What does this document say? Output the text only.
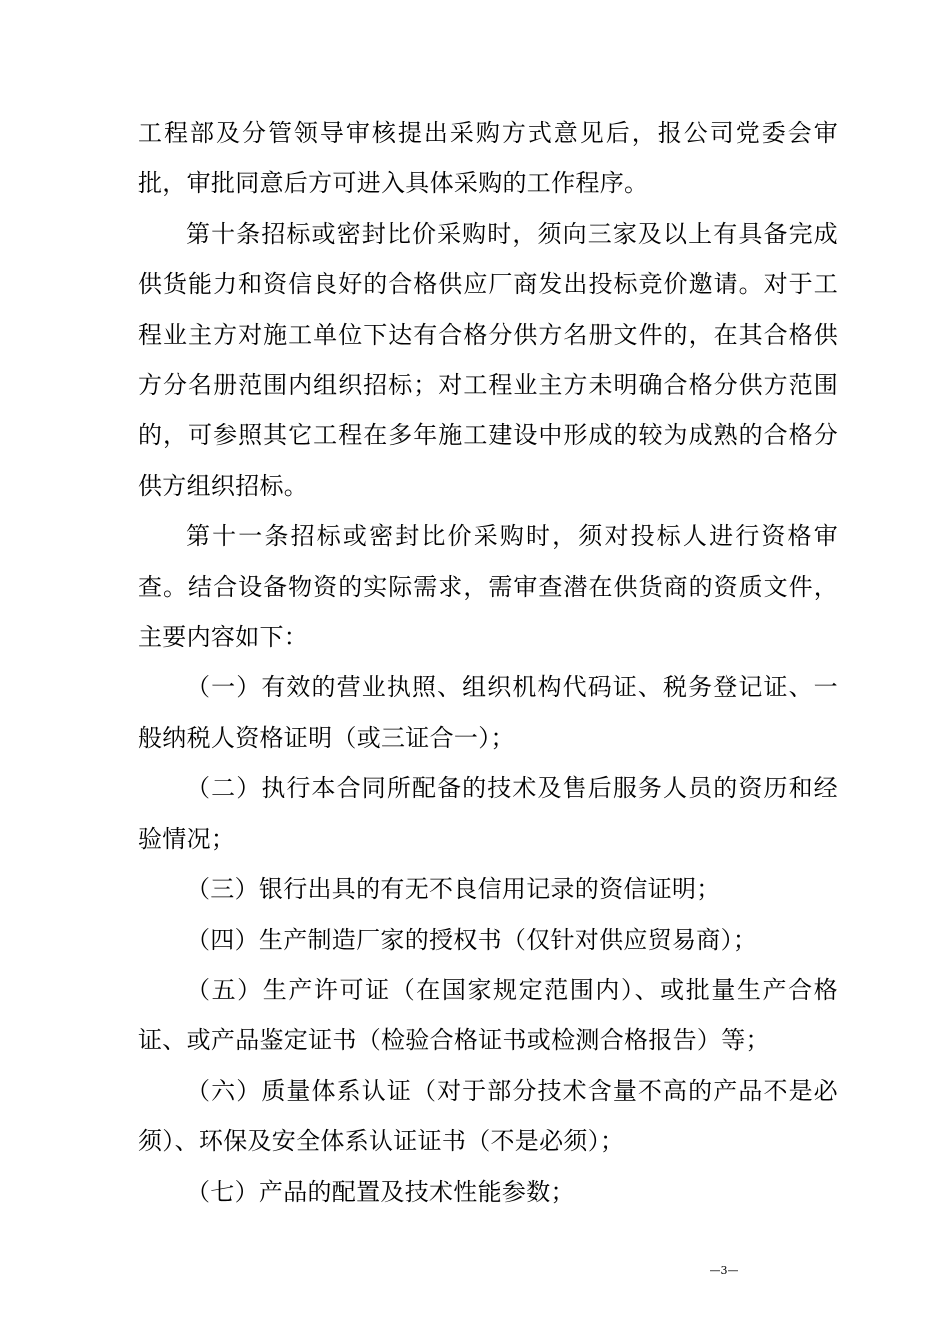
工程部及分管领导审核提出采购方式意见后，报公司党委会审批，审批同意后方可进入具体采购的工作程序。

第十条招标或密封比价采购时，须向三家及以上有具备完成供货能力和资信良好的合格供应厂商发出投标竞价邀请。对于工程业主方对施工单位下达有合格分供方名册文件的，在其合格供方分名册范围内组织招标；对工程业主方未明确合格分供方范围的，可参照其它工程在多年施工建设中形成的较为成熟的合格分供方组织招标。

第十一条招标或密封比价采购时，须对投标人进行资格审查。结合设备物资的实际需求，需审查潜在供货商的资质文件，主要内容如下：

（一）有效的营业执照、组织机构代码证、税务登记证、一般纳税人资格证明（或三证合一）；

（二）执行本合同所配备的技术及售后服务人员的资历和经验情况；

（三）银行出具的有无不良信用记录的资信证明；

（四）生产制造厂家的授权书（仅针对供应贸易商）；

（五）生产许可证（在国家规定范围内）、或批量生产合格证、或产品鉴定证书（检验合格证书或检测合格报告）等；

（六）质量体系认证（对于部分技术含量不高的产品不是必须）、环保及安全体系认证证书（不是必须）；

（七）产品的配置及技术性能参数；

—3—
